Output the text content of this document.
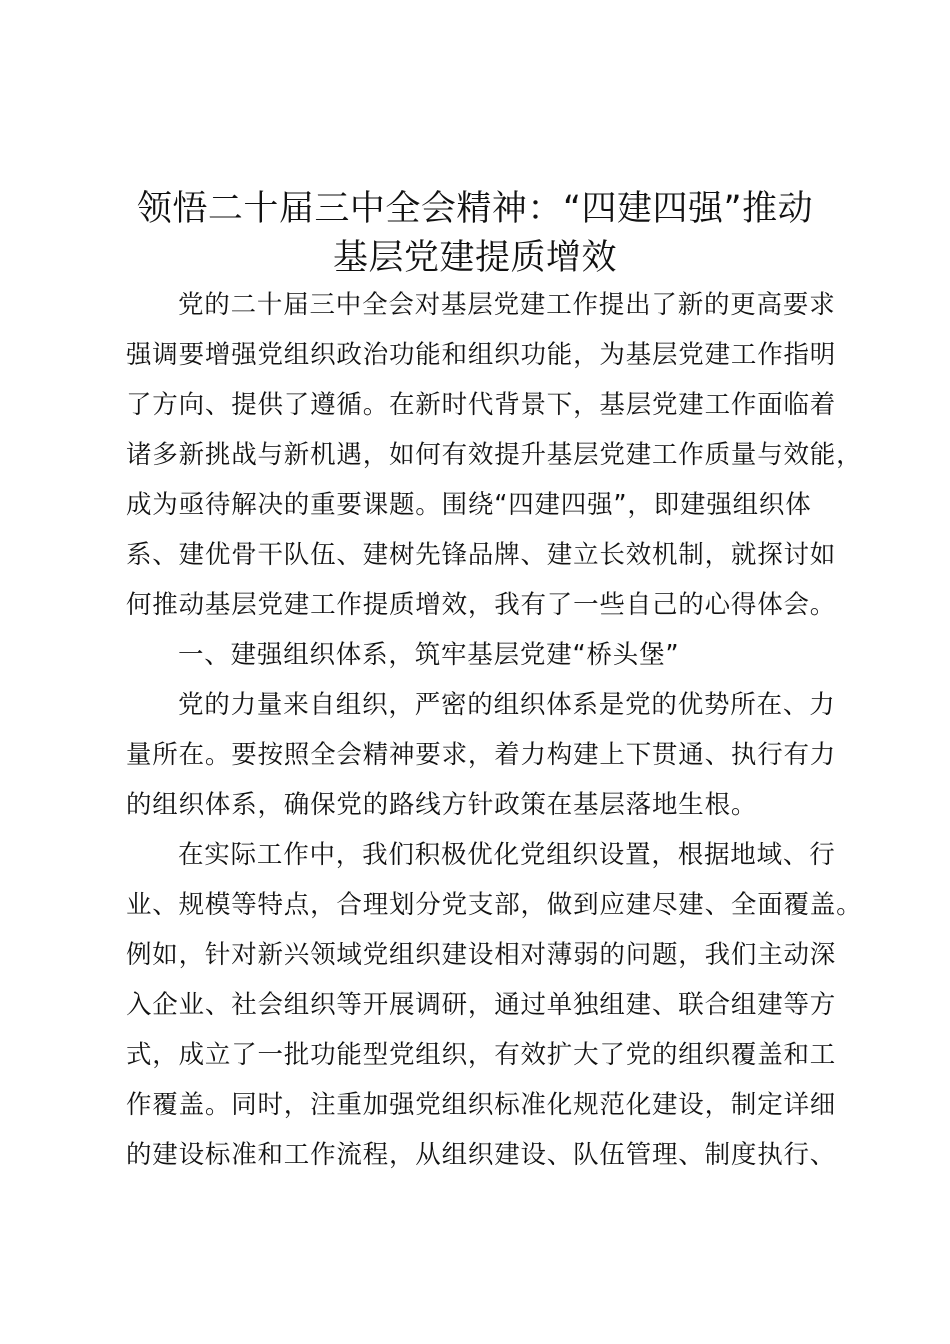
领悟二十届三中全会精神：“四建四强”推动
基层党建提质增效
党的二十届三中全会对基层党建工作提出了新的更高要求
强调要增强党组织政治功能和组织功能，为基层党建工作指明
了方向、提供了遵循。在新时代背景下，基层党建工作面临着
诸多新挑战与新机遇，如何有效提升基层党建工作质量与效能，
成为亟待解决的重要课题。围绕“四建四强”，即建强组织体
系、建优骨干队伍、建树先锋品牌、建立长效机制，就探讨如
何推动基层党建工作提质增效，我有了一些自己的心得体会。
一、建强组织体系，筑牢基层党建“桥头堡”
党的力量来自组织，严密的组织体系是党的优势所在、力
量所在。要按照全会精神要求，着力构建上下贯通、执行有力
的组织体系，确保党的路线方针政策在基层落地生根。
在实际工作中，我们积极优化党组织设置，根据地域、行
业、规模等特点，合理划分党支部，做到应建尽建、全面覆盖。
例如，针对新兴领域党组织建设相对薄弱的问题，我们主动深
入企业、社会组织等开展调研，通过单独组建、联合组建等方
式，成立了一批功能型党组织，有效扩大了党的组织覆盖和工
作覆盖。同时，注重加强党组织标准化规范化建设，制定详细
的建设标准和工作流程，从组织建设、队伍管理、制度执行、
